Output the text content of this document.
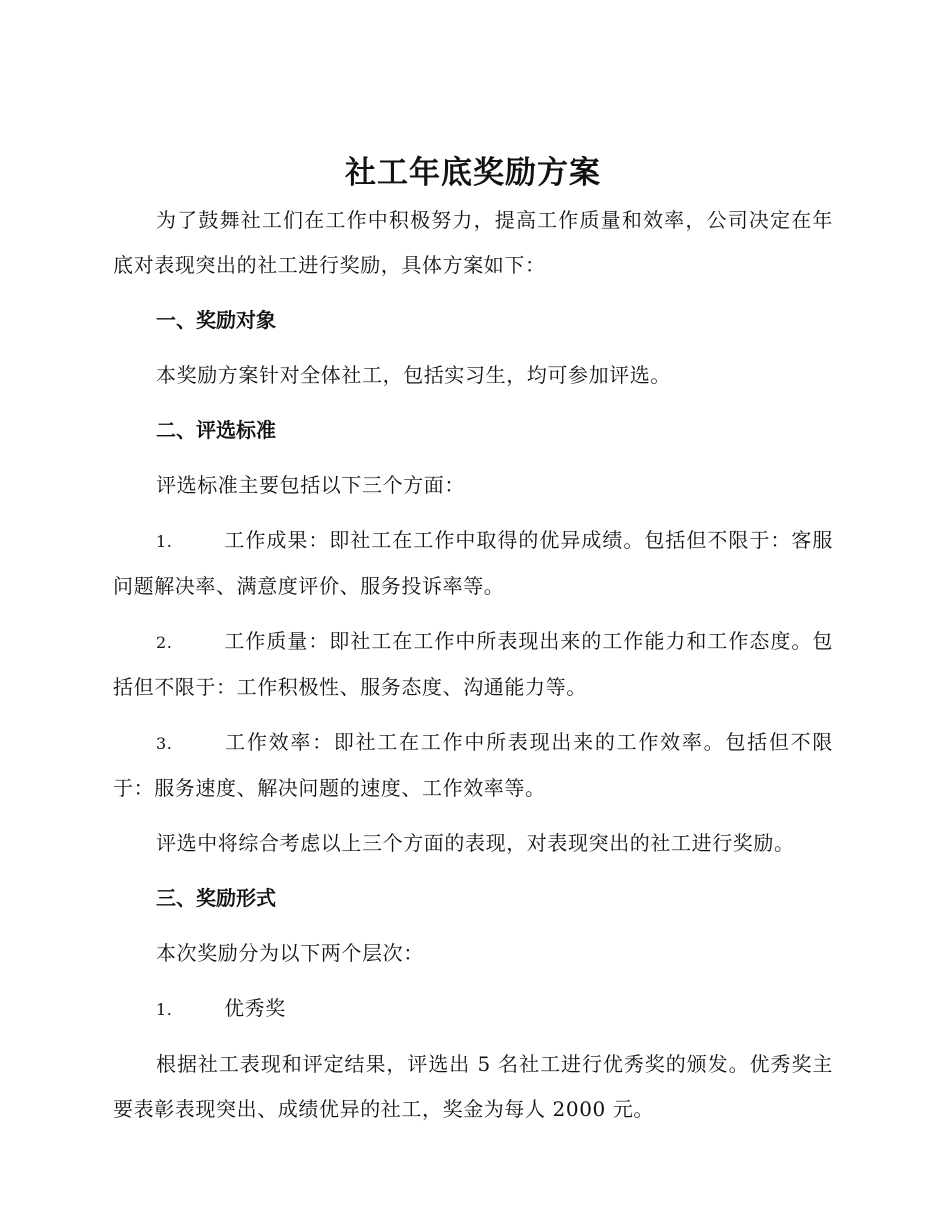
社工年底奖励方案

为了鼓舞社工们在工作中积极努力，提高工作质量和效率，公司决定在年底对表现突出的社工进行奖励，具体方案如下：

一、奖励对象

本奖励方案针对全体社工，包括实习生，均可参加评选。

二、评选标准

评选标准主要包括以下三个方面：

1.	工作成果：即社工在工作中取得的优异成绩。包括但不限于：客服问题解决率、满意度评价、服务投诉率等。

2.	工作质量：即社工在工作中所表现出来的工作能力和工作态度。包括但不限于：工作积极性、服务态度、沟通能力等。

3.	工作效率：即社工在工作中所表现出来的工作效率。包括但不限于：服务速度、解决问题的速度、工作效率等。

评选中将综合考虑以上三个方面的表现，对表现突出的社工进行奖励。

三、奖励形式

本次奖励分为以下两个层次：

1.	优秀奖

根据社工表现和评定结果，评选出 5 名社工进行优秀奖的颁发。优秀奖主要表彰表现突出、成绩优异的社工，奖金为每人 2000 元。
